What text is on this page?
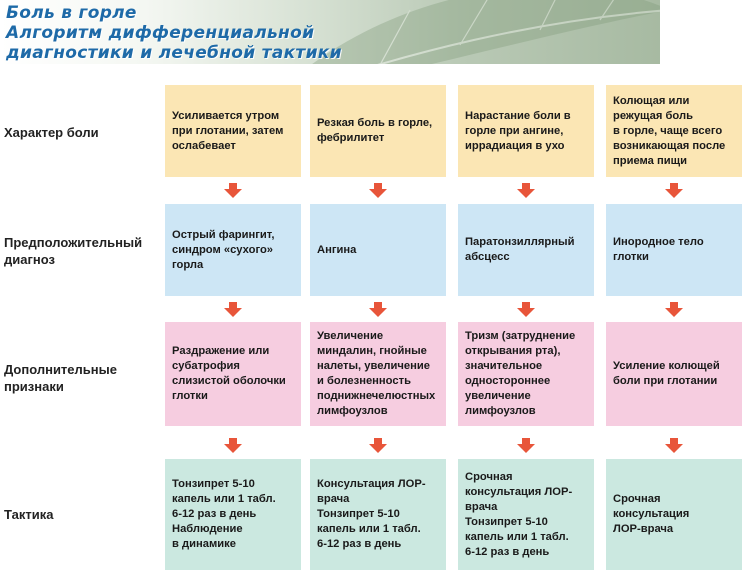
Боль в горле
Алгоритм дифференциальной
диагностики и лечебной тактики
Характер боли
Предположительный
диагноз
Дополнительные
признаки
Тактика
Усиливается утром
при глотании, затем
ослабевает
Резкая боль в горле,
фебрилитет
Нарастание боли в
горле при ангине,
иррадиация в ухо
Колющая или
режущая боль
в горле, чаще всего
возникающая после
приема пищи
Острый фарингит,
синдром «сухого»
горла
Ангина
Паратонзиллярный
абсцесс
Инородное тело
глотки
Раздражение или
субатрофия
слизистой оболочки
глотки
Увеличение
миндалин, гнойные
налеты, увеличение
и болезненность
поднижнечелюстных
лимфоузлов
Тризм (затруднение
открывания рта),
значительное
одностороннее
увеличение
лимфоузлов
Усиление колющей
боли при глотании
Тонзипрет 5-10
капель или 1 табл.
6-12 раз в день
Наблюдение
в динамике
Консультация ЛОР-
врача
Тонзипрет 5-10
капель или 1 табл.
6-12 раз в день
Срочная
консультация ЛОР-
врача
Тонзипрет 5-10
капель или 1 табл.
6-12 раз в день
Срочная
консультация
ЛОР-врача
